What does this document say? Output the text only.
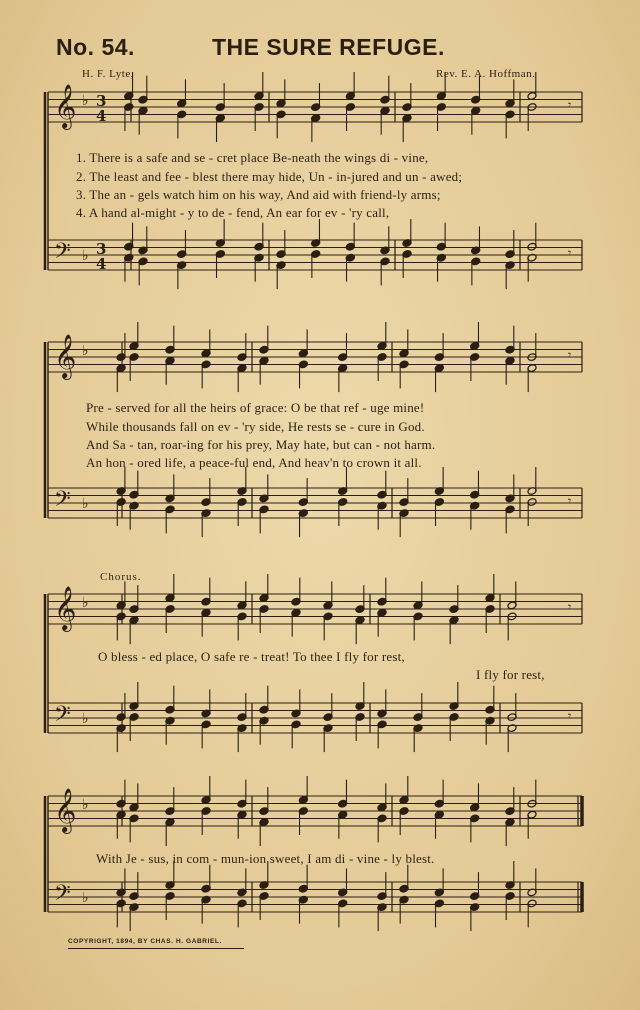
No. 54.	THE SURE REFUGE.
H. F. Lyte,	Rev. E. A. Hoffman.
1. There is a safe and se - cret place Be-neath the wings di - vine,
2. The least and fee - blest there may hide, Un - in-jured and un - awed;
3. The an - gels watch him on his way, And aid with friend-ly arms;
4. A hand al-might - y to de - fend, An ear for ev - 'ry call,
Pre - served for all the heirs of grace: O be that ref - uge mine!
While thousands fall on ev - 'ry side, He rests se - cure in God.
And Sa - tan, roar-ing for his prey, May hate, but can - not harm.
An hon - ored life, a peace-ful end, And heav'n to crown it all.
Chorus.
O bless - ed place, O safe re - treat! To thee I fly for rest,
I fly for rest,
With Je - sus, in com - mun-ion sweet, I am di - vine - ly blest.
COPYRIGHT, 1894, BY CHAS. H. GABRIEL.
𝄞
𝄢
♭
♭
3
4
3
4
𝄾
𝄾
𝄞
𝄢
♭
♭
𝄾
𝄾
𝄞
𝄢
♭
♭
𝄾
𝄾
𝄞
𝄢
♭
♭
